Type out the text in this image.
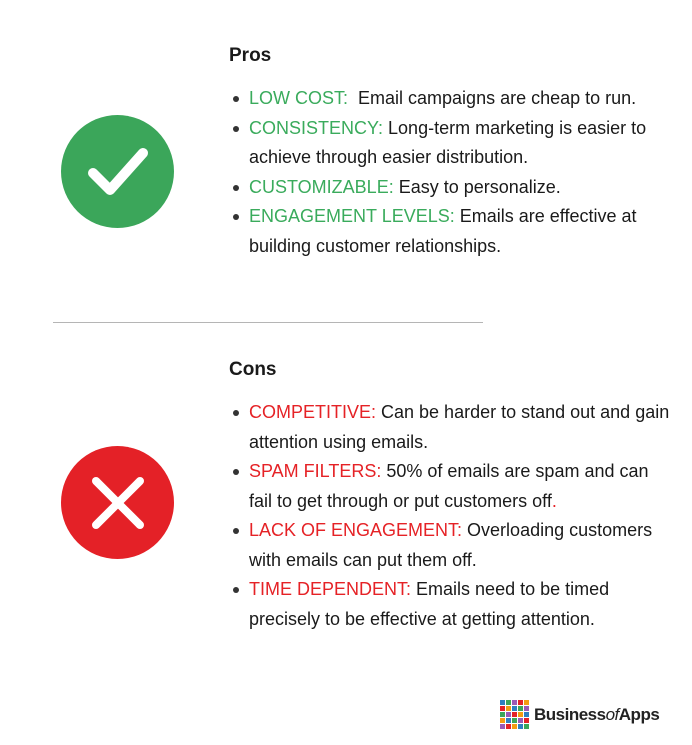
Pros
LOW COST:  Email campaigns are cheap to run.
CONSISTENCY: Long-term marketing is easier to achieve through easier distribution.
CUSTOMIZABLE: Easy to personalize.
ENGAGEMENT LEVELS: Emails are effective at building customer relationships.
Cons
COMPETITIVE: Can be harder to stand out and gain attention using emails.
SPAM FILTERS: 50% of emails are spam and can fail to get through or put customers off.
LACK OF ENGAGEMENT: Overloading customers with emails can put them off.
TIME DEPENDENT: Emails need to be timed precisely to be effective at getting attention.
BusinessofApps
